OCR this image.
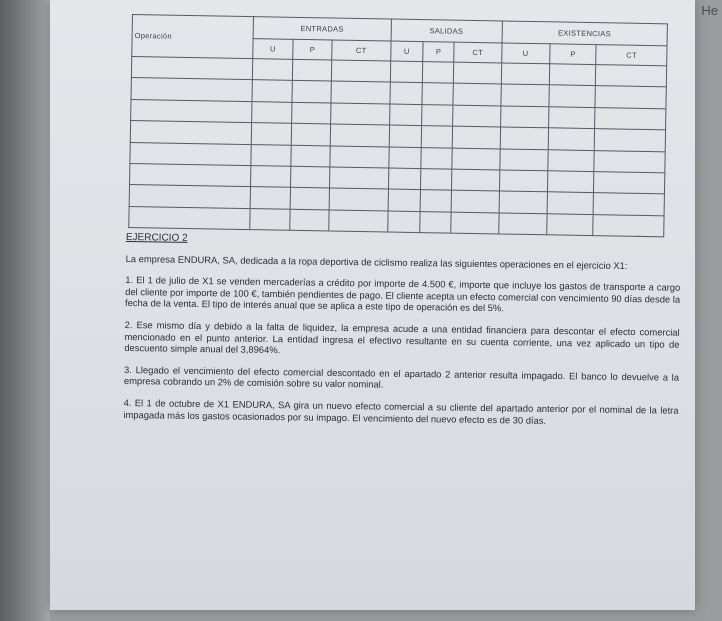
He
Operación	ENTRADAS			SALIDAS			EXISTENCIAS		
	U	P	CT	U	P	CT	U	P	CT

EJERCICIO 2

La empresa ENDURA, SA, dedicada a la ropa deportiva de ciclismo realiza las siguientes operaciones en el ejercicio X1:

1. El 1 de julio de X1 se venden mercaderías a crédito por importe de 4.500 €, importe que incluye los gastos de transporte a cargo del cliente por importe de 100 €, también pendientes de pago. El cliente acepta un efecto comercial con vencimiento 90 días desde la fecha de la venta. El tipo de interés anual que se aplica a este tipo de operación es del 5%.

2. Ese mismo día y debido a la falta de liquidez, la empresa acude a una entidad financiera para descontar el efecto comercial mencionado en el punto anterior. La entidad ingresa el efectivo resultante en su cuenta corriente, una vez aplicado un tipo de descuento simple anual del 3,8964%.

3. Llegado el vencimiento del efecto comercial descontado en el apartado 2 anterior resulta impagado. El banco lo devuelve a la empresa cobrando un 2% de comisión sobre su valor nominal.

4. El 1 de octubre de X1 ENDURA, SA gira un nuevo efecto comercial a su cliente del apartado anterior por el nominal de la letra impagada más los gastos ocasionados por su impago. El vencimiento del nuevo efecto es de 30 días.
